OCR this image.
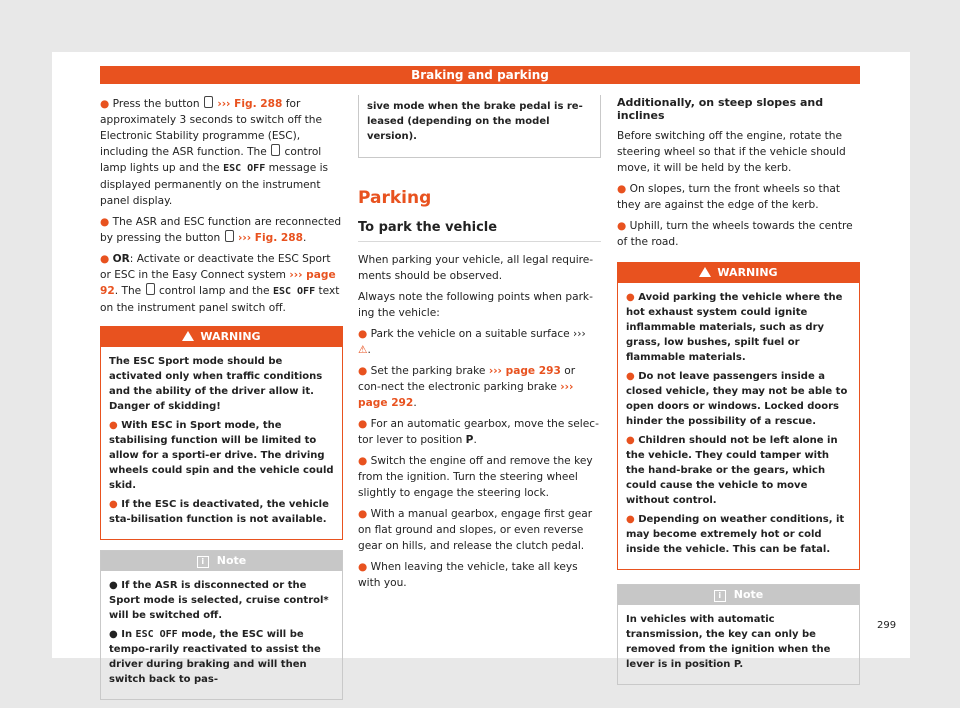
Braking and parking

● Press the button ››› Fig. 288 for approximately 3 seconds to switch off the Electronic Stability programme (ESC), including the ASR function. The control lamp lights up and the ESC OFF message is displayed permanently on the instrument panel display.

● The ASR and ESC function are reconnected by pressing the button ››› Fig. 288.

● OR: Activate or deactivate the ESC Sport or ESC in the Easy Connect system ››› page 92. The control lamp and the ESC OFF text on the instrument panel switch off.

WARNING

The ESC Sport mode should be activated only when traffic conditions and the ability of the driver allow it. Danger of skidding!

● With ESC in Sport mode, the stabilising function will be limited to allow for a sporti-er drive. The driving wheels could spin and the vehicle could skid.

● If the ESC is deactivated, the vehicle sta-bilisation function is not available.

i Note

● If the ASR is disconnected or the Sport mode is selected, cruise control* will be switched off.

● In ESC OFF mode, the ESC will be tempo-rarily reactivated to assist the driver during braking and will then switch back to pas-

sive mode when the brake pedal is re-leased (depending on the model version).

Parking
To park the vehicle

When parking your vehicle, all legal require-ments should be observed.

Always note the following points when park-ing the vehicle:

● Park the vehicle on a suitable surface ››› ⚠.

● Set the parking brake ››› page 293 or con-nect the electronic parking brake ››› page 292.

● For an automatic gearbox, move the selec-tor lever to position P.

● Switch the engine off and remove the key from the ignition. Turn the steering wheel slightly to engage the steering lock.

● With a manual gearbox, engage first gear on flat ground and slopes, or even reverse gear on hills, and release the clutch pedal.

● When leaving the vehicle, take all keys with you.

Additionally, on steep slopes and inclines

Before switching off the engine, rotate the steering wheel so that if the vehicle should move, it will be held by the kerb.

● On slopes, turn the front wheels so that they are against the edge of the kerb.

● Uphill, turn the wheels towards the centre of the road.

WARNING

● Avoid parking the vehicle where the hot exhaust system could ignite inflammable materials, such as dry grass, low bushes, spilt fuel or flammable materials.

● Do not leave passengers inside a closed vehicle, they may not be able to open doors or windows. Locked doors hinder the possibility of a rescue.

● Children should not be left alone in the vehicle. They could tamper with the hand-brake or the gears, which could cause the vehicle to move without control.

● Depending on weather conditions, it may become extremely hot or cold inside the vehicle. This can be fatal.

i Note

In vehicles with automatic transmission, the key can only be removed from the ignition when the lever is in position P.

299
